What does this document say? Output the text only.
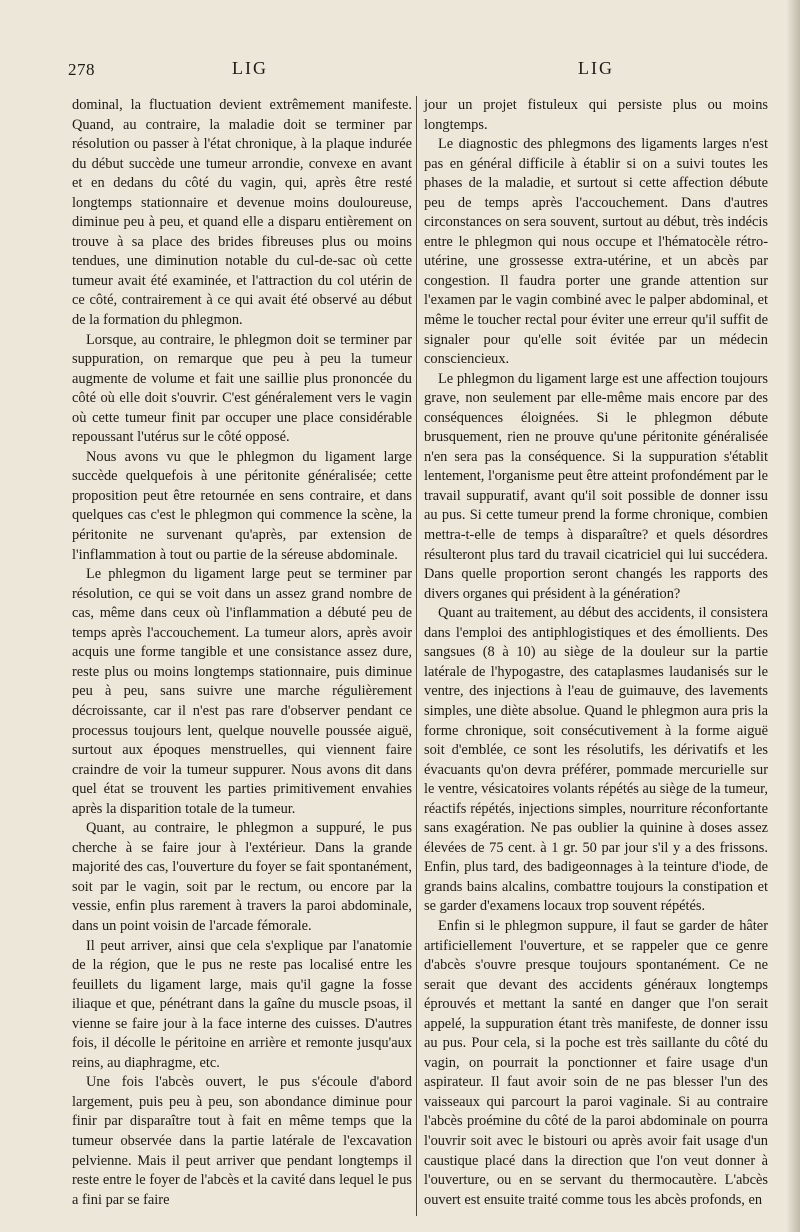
278	LIG	LIG

dominal, la fluctuation devient extrêmement manifeste. Quand, au contraire, la maladie doit se terminer par résolution ou passer à l'état chronique, à la plaque indurée du début succède une tumeur arrondie, convexe en avant et en dedans du côté du vagin, qui, après être resté longtemps stationnaire et devenue moins douloureuse, diminue peu à peu, et quand elle a disparu entièrement on trouve à sa place des brides fibreuses plus ou moins tendues, une diminution notable du cul-de-sac où cette tumeur avait été examinée, et l'attraction du col utérin de ce côté, contrairement à ce qui avait été observé au début de la formation du phlegmon.

Lorsque, au contraire, le phlegmon doit se terminer par suppuration, on remarque que peu à peu la tumeur augmente de volume et fait une saillie plus prononcée du côté où elle doit s'ouvrir. C'est généralement vers le vagin où cette tumeur finit par occuper une place considérable repoussant l'utérus sur le côté opposé.

Nous avons vu que le phlegmon du ligament large succède quelquefois à une péritonite généralisée; cette proposition peut être retournée en sens contraire, et dans quelques cas c'est le phlegmon qui commence la scène, la péritonite ne survenant qu'après, par extension de l'inflammation à tout ou partie de la séreuse abdominale.

Le phlegmon du ligament large peut se terminer par résolution, ce qui se voit dans un assez grand nombre de cas, même dans ceux où l'inflammation a débuté peu de temps après l'accouchement. La tumeur alors, après avoir acquis une forme tangible et une consistance assez dure, reste plus ou moins longtemps stationnaire, puis diminue peu à peu, sans suivre une marche régulièrement décroissante, car il n'est pas rare d'observer pendant ce processus toujours lent, quelque nouvelle poussée aiguë, surtout aux époques menstruelles, qui viennent faire craindre de voir la tumeur suppurer. Nous avons dit dans quel état se trouvent les parties primitivement envahies après la disparition totale de la tumeur.

Quant, au contraire, le phlegmon a suppuré, le pus cherche à se faire jour à l'extérieur. Dans la grande majorité des cas, l'ouverture du foyer se fait spontanément, soit par le vagin, soit par le rectum, ou encore par la vessie, enfin plus rarement à travers la paroi abdominale, dans un point voisin de l'arcade fémorale.

Il peut arriver, ainsi que cela s'explique par l'anatomie de la région, que le pus ne reste pas localisé entre les feuillets du ligament large, mais qu'il gagne la fosse iliaque et que, pénétrant dans la gaîne du muscle psoas, il vienne se faire jour à la face interne des cuisses. D'autres fois, il décolle le péritoine en arrière et remonte jusqu'aux reins, au diaphragme, etc.

Une fois l'abcès ouvert, le pus s'écoule d'abord largement, puis peu à peu, son abondance diminue pour finir par disparaître tout à fait en même temps que la tumeur observée dans la partie latérale de l'excavation pelvienne. Mais il peut arriver que pendant longtemps il reste entre le foyer de l'abcès et la cavité dans lequel le pus a fini par se faire

jour un projet fistuleux qui persiste plus ou moins longtemps.

Le diagnostic des phlegmons des ligaments larges n'est pas en général difficile à établir si on a suivi toutes les phases de la maladie, et surtout si cette affection débute peu de temps après l'accouchement. Dans d'autres circonstances on sera souvent, surtout au début, très indécis entre le phlegmon qui nous occupe et l'hématocèle rétro-utérine, une grossesse extra-utérine, et un abcès par congestion. Il faudra porter une grande attention sur l'examen par le vagin combiné avec le palper abdominal, et même le toucher rectal pour éviter une erreur qu'il suffit de signaler pour qu'elle soit évitée par un médecin consciencieux.

Le phlegmon du ligament large est une affection toujours grave, non seulement par elle-même mais encore par des conséquences éloignées. Si le phlegmon débute brusquement, rien ne prouve qu'une péritonite généralisée n'en sera pas la conséquence. Si la suppuration s'établit lentement, l'organisme peut être atteint profondément par le travail suppuratif, avant qu'il soit possible de donner issu au pus. Si cette tumeur prend la forme chronique, combien mettra-t-elle de temps à disparaître? et quels désordres résulteront plus tard du travail cicatriciel qui lui succédera. Dans quelle proportion seront changés les rapports des divers organes qui président à la génération?

Quant au traitement, au début des accidents, il consistera dans l'emploi des antiphlogistiques et des émollients. Des sangsues (8 à 10) au siège de la douleur sur la partie latérale de l'hypogastre, des cataplasmes laudanisés sur le ventre, des injections à l'eau de guimauve, des lavements simples, une diète absolue. Quand le phlegmon aura pris la forme chronique, soit consécutivement à la forme aiguë soit d'emblée, ce sont les résolutifs, les dérivatifs et les évacuants qu'on devra préférer, pommade mercurielle sur le ventre, vésicatoires volants répétés au siège de la tumeur, réactifs répétés, injections simples, nourriture réconfortante sans exagération. Ne pas oublier la quinine à doses assez élevées de 75 cent. à 1 gr. 50 par jour s'il y a des frissons. Enfin, plus tard, des badigeonnages à la teinture d'iode, de grands bains alcalins, combattre toujours la constipation et se garder d'examens locaux trop souvent répétés.

Enfin si le phlegmon suppure, il faut se garder de hâter artificiellement l'ouverture, et se rappeler que ce genre d'abcès s'ouvre presque toujours spontanément. Ce ne serait que devant des accidents généraux longtemps éprouvés et mettant la santé en danger que l'on serait appelé, la suppuration étant très manifeste, de donner issu au pus. Pour cela, si la poche est très saillante du côté du vagin, on pourrait la ponctionner et faire usage d'un aspirateur. Il faut avoir soin de ne pas blesser l'un des vaisseaux qui parcourt la paroi vaginale. Si au contraire l'abcès proémine du côté de la paroi abdominale on pourra l'ouvrir soit avec le bistouri ou après avoir fait usage d'un caustique placé dans la direction que l'on veut donner à l'ouverture, ou en se servant du thermocautère. L'abcès ouvert est ensuite traité comme tous les abcès profonds, en
